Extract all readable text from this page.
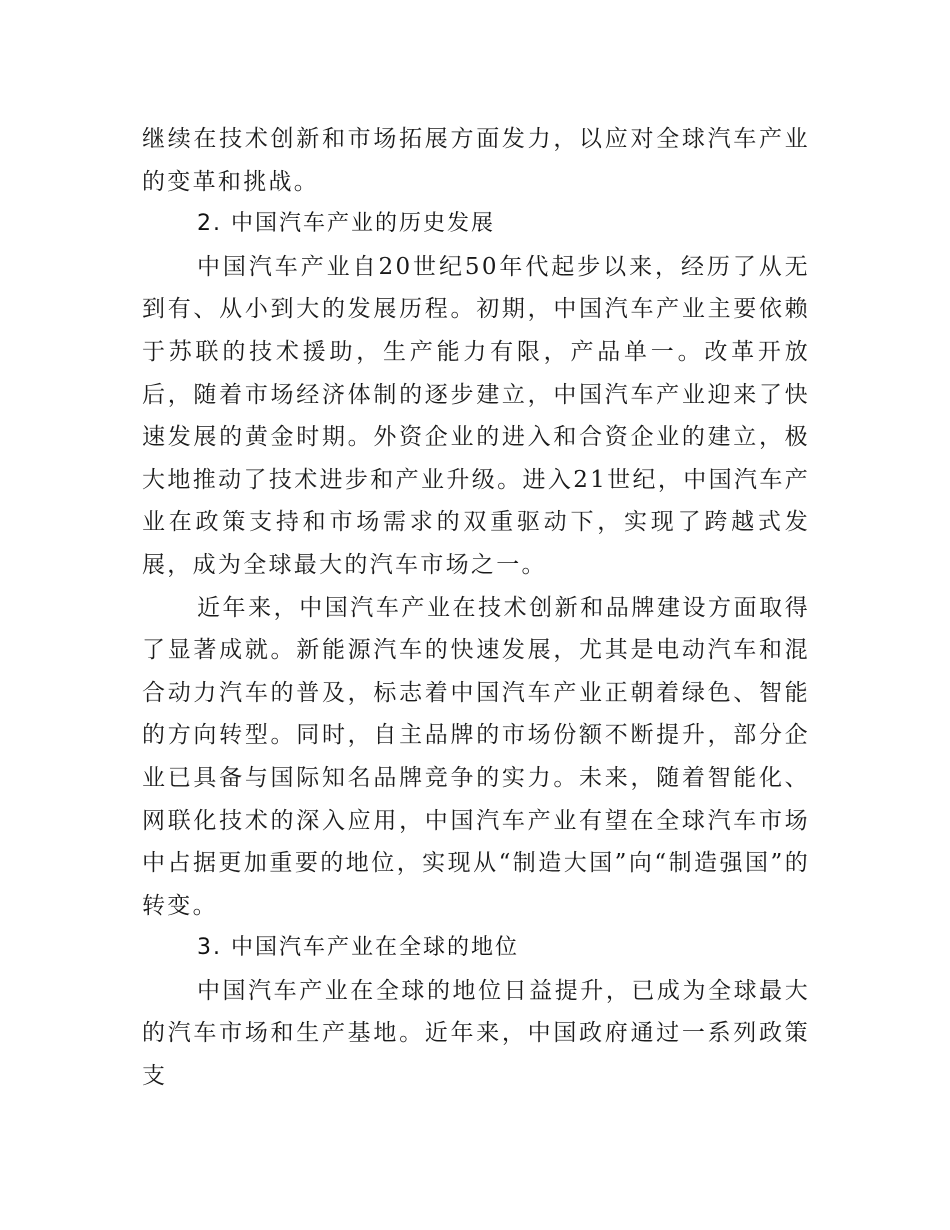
继续在技术创新和市场拓展方面发力，以应对全球汽车产业的变革和挑战。

2. 中国汽车产业的历史发展

中国汽车产业自20世纪50年代起步以来，经历了从无到有、从小到大的发展历程。初期，中国汽车产业主要依赖于苏联的技术援助，生产能力有限，产品单一。改革开放后，随着市场经济体制的逐步建立，中国汽车产业迎来了快速发展的黄金时期。外资企业的进入和合资企业的建立，极大地推动了技术进步和产业升级。进入21世纪，中国汽车产业在政策支持和市场需求的双重驱动下，实现了跨越式发展，成为全球最大的汽车市场之一。

近年来，中国汽车产业在技术创新和品牌建设方面取得了显著成就。新能源汽车的快速发展，尤其是电动汽车和混合动力汽车的普及，标志着中国汽车产业正朝着绿色、智能的方向转型。同时，自主品牌的市场份额不断提升，部分企业已具备与国际知名品牌竞争的实力。未来，随着智能化、网联化技术的深入应用，中国汽车产业有望在全球汽车市场中占据更加重要的地位，实现从“制造大国”向“制造强国”的转变。

3. 中国汽车产业在全球的地位

中国汽车产业在全球的地位日益提升，已成为全球最大的汽车市场和生产基地。近年来，中国政府通过一系列政策支
